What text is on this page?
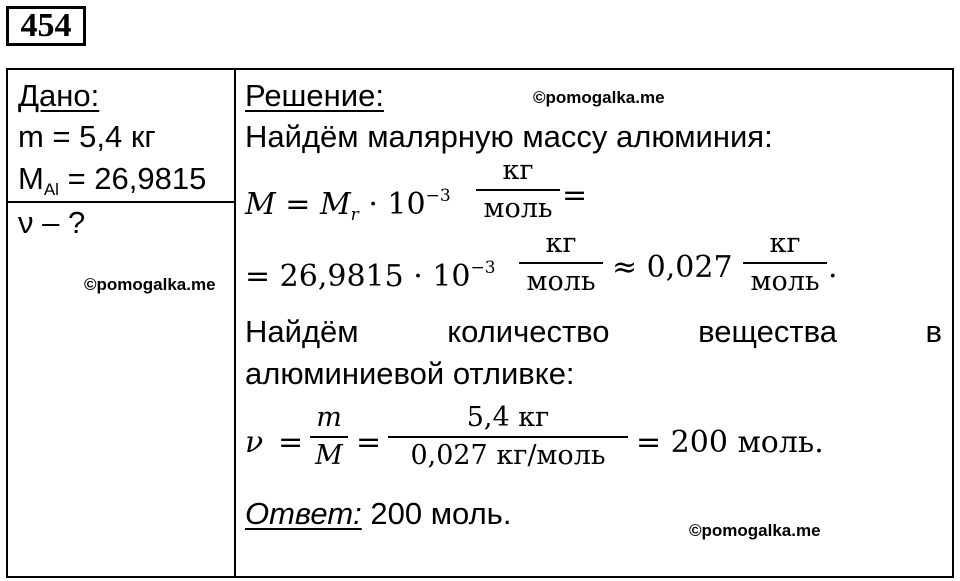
454
Дано:
m = 5,4 кг
$M_{Al} = 26,9815$
ν – ?
©pomogalka.me
Решение:	©pomogalka.me
Найдём малярную массу алюминия:
$M = M_r \cdot 10^{-3}$
кг
моль =
= $26,9815 \cdot 10^{-3}$
кг
моль ≈ 0,027
кг
моль .
Найдём	количество	вещества	в
алюминиевой отливке:
ν =
m
M =
5,4 кг
0,027 кг/моль	= 200 моль.
Ответ: 200 моль.	©pomogalka.me
